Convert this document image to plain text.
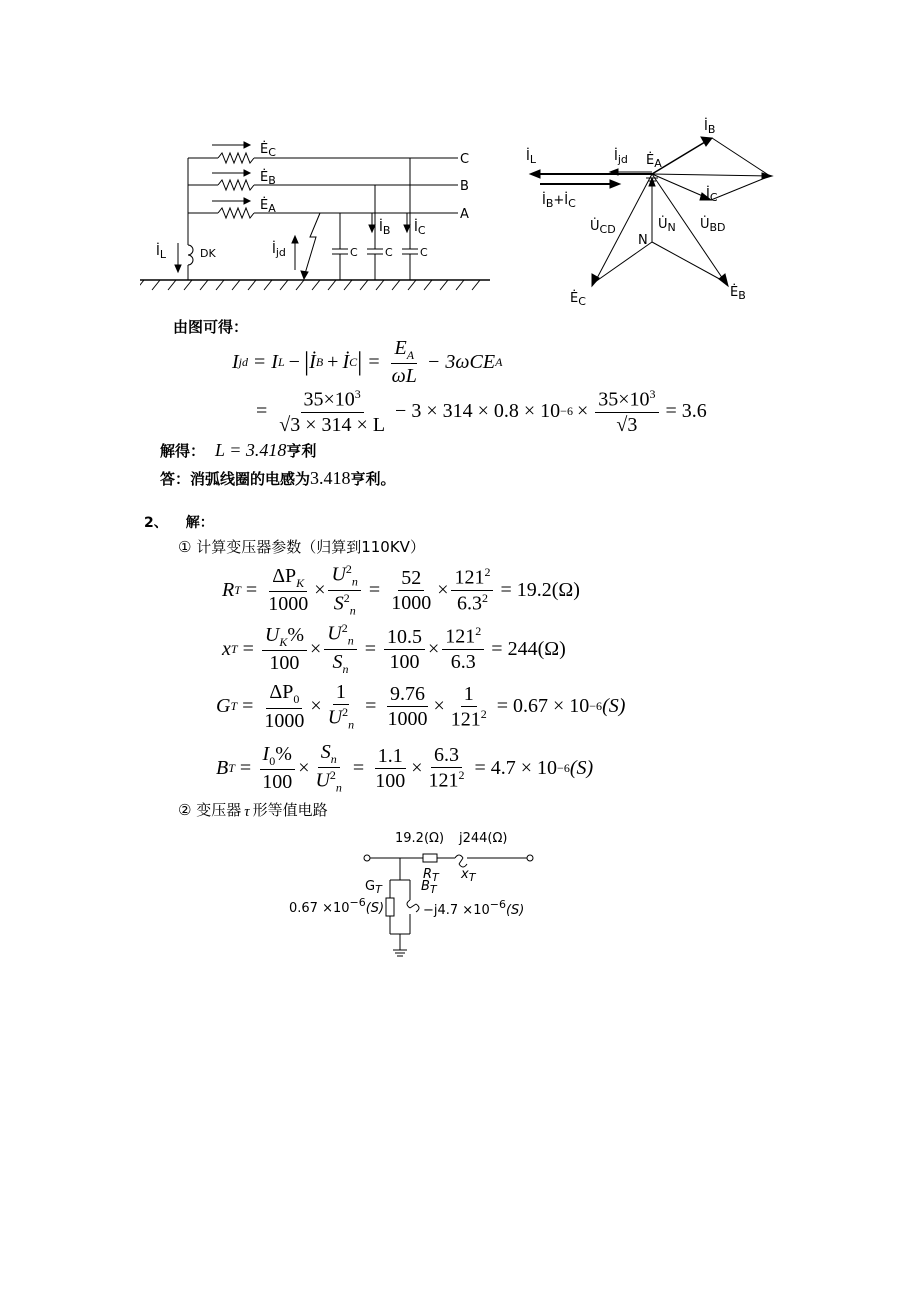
$Ė_C$
$Ė_B$
$Ė_A$
C
B
A
$İ_L$	DK	$İ_{jd}$
$İ_B$ $İ_C$
C C C
$İ_L$
$İ_B+İ_C$
$İ_{jd}$ $Ė_A$
$İ_B$
$İ_C$
$U̇_{CD}$
N
$U̇_N$ $U̇_{BD}$
$Ė_C$
$Ė_B$
由图可得：
I jd = I L − | İ B + İ C | = $\frac{E_A}{\omega L} - 3\omega CE$ A
= $\frac{35\times 10^3}{√3 \times 314 \times L} - 3 \times 314 \times 0.8 \times 10 -6 \times \frac{35\times 10^3}{√3} = 3.6$
解得： L = 3.418 亨利
答：消弧线圈的电感为 3.418 亨利。
2、 解：
① 计算变压器参数（归算到110KV）
R $T = \frac{\Delta P_K}{1000} \times \frac{U^2_n}{S^2_n} = \frac{52}{1000} \times \frac{121^2}{6.3^2} = 19.2(\Omega)$
x $T = \frac{U_K\%}{100} \times \frac{U^2_n}{S_n} = \frac{10.5}{100} \times \frac{121^2}{6.3} = 244(\Omega)$
G $T = \frac{\Delta P_0}{1000} \times \frac{1}{U^2_n} = \frac{9.76}{1000} \times \frac{1}{121^2} = 0.67 \times 10 -6$ (S)
B $T = \frac{I_0\%}{100} \times \frac{S_n}{U^2_n} = \frac{1.1}{100} \times \frac{6.3}{121^2} = 4.7 \times 10 -6$ (S)
② 变压器 τ 形等值电路
19.2(Ω) j244(Ω)
$R_T$ $x_T$
$G_T$	$B_T$
$0.67 \times 10^{-6}(S)$	$-j4.7 \times 10^{-6}(S)$
